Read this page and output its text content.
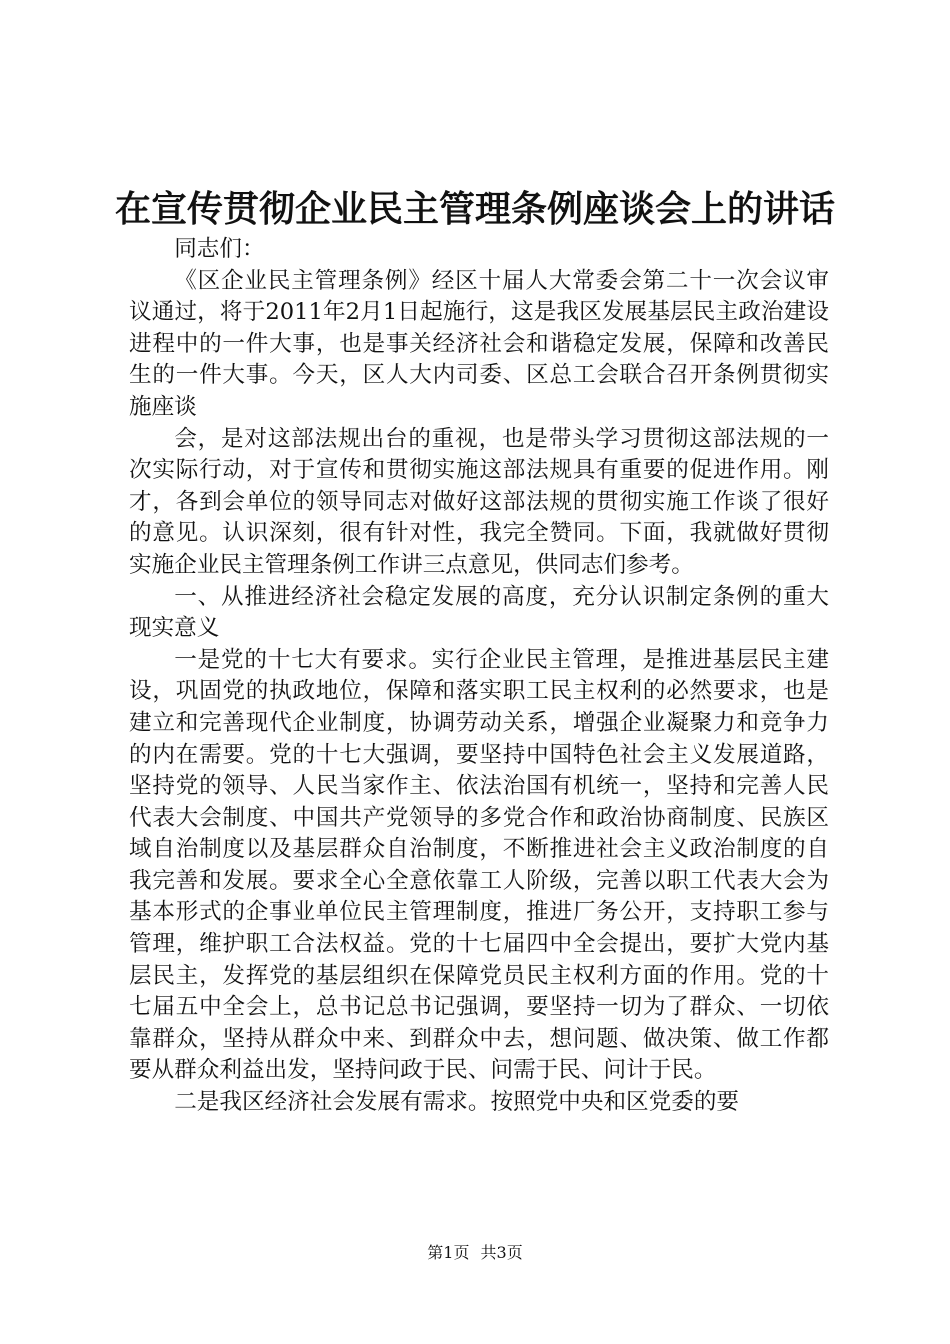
在宣传贯彻企业民主管理条例座谈会上的讲话

同志们：

《区企业民主管理条例》经区十届人大常委会第二十一次会议审议通过，将于2011年2月1日起施行，这是我区发展基层民主政治建设进程中的一件大事，也是事关经济社会和谐稳定发展，保障和改善民生的一件大事。今天，区人大内司委、区总工会联合召开条例贯彻实施座谈

会，是对这部法规出台的重视，也是带头学习贯彻这部法规的一次实际行动，对于宣传和贯彻实施这部法规具有重要的促进作用。刚才，各到会单位的领导同志对做好这部法规的贯彻实施工作谈了很好的意见。认识深刻，很有针对性，我完全赞同。下面，我就做好贯彻实施企业民主管理条例工作讲三点意见，供同志们参考。

一、从推进经济社会稳定发展的高度，充分认识制定条例的重大现实意义

一是党的十七大有要求。实行企业民主管理，是推进基层民主建设，巩固党的执政地位，保障和落实职工民主权利的必然要求，也是建立和完善现代企业制度，协调劳动关系，增强企业凝聚力和竞争力的内在需要。党的十七大强调，要坚持中国特色社会主义发展道路，坚持党的领导、人民当家作主、依法治国有机统一，坚持和完善人民代表大会制度、中国共产党领导的多党合作和政治协商制度、民族区域自治制度以及基层群众自治制度，不断推进社会主义政治制度的自我完善和发展。要求全心全意依靠工人阶级，完善以职工代表大会为基本形式的企事业单位民主管理制度，推进厂务公开，支持职工参与管理，维护职工合法权益。党的十七届四中全会提出，要扩大党内基层民主，发挥党的基层组织在保障党员民主权利方面的作用。党的十七届五中全会上，总书记总书记强调，要坚持一切为了群众、一切依靠群众，坚持从群众中来、到群众中去，想问题、做决策、做工作都要从群众利益出发，坚持问政于民、问需于民、问计于民。

二是我区经济社会发展有需求。按照党中央和区党委的要

第1页 共3页
